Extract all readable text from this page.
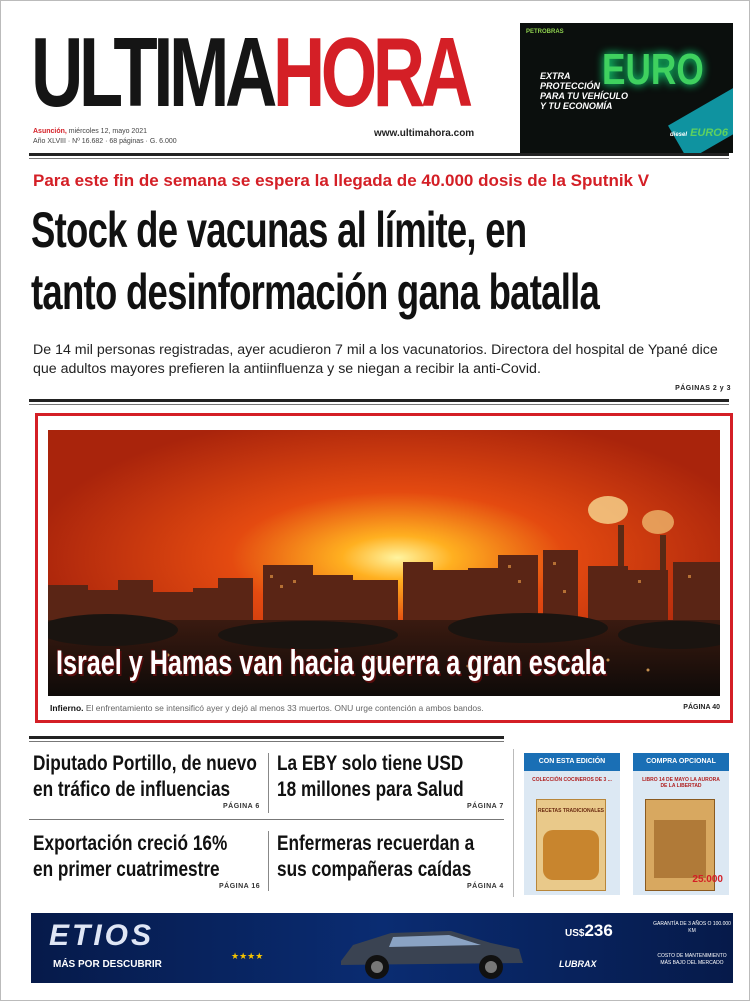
ULTIMAHORA
Asunción, miércoles 12, mayo 2021
Año XLVIII · Nº 16.682 · 68 páginas · G. 6.000
www.ultimahora.com
PETROBRAS
EURO
EXTRA
PROTECCIÓN
PARA TU VEHÍCULO
Y TU ECONOMÍA
diesel EURO6
Para este fin de semana se espera la llegada de 40.000 dosis de la Sputnik V
Stock de vacunas al límite, en
tanto desinformación gana batalla
De 14 mil personas registradas, ayer acudieron 7 mil a los vacunatorios. Directora del hospital de Ypané dice que adultos mayores prefieren la antiinfluenza y se niegan a recibir la anti-Covid.
PÁGINAS 2 y 3
Israel y Hamas van hacia guerra a gran escala
Infierno. El enfrentamiento se intensificó ayer y dejó al menos 33 muertos. ONU urge contención a ambos bandos.	PÁGINA 40
Diputado Portillo, de nuevo
en tráfico de influencias
PÁGINA 6
La EBY solo tiene USD
18 millones para Salud
PÁGINA 7
Exportación creció 16%
en primer cuatrimestre
PÁGINA 16
Enfermeras recuerdan a
sus compañeras caídas
PÁGINA 4
CON ESTA EDICIÓN
COLECCIÓN COCINEROS DE 3 ...
RECETAS TRADICIONALES
COMPRA OPCIONAL
LIBRO 14 DE MAYO LA AURORA DE LA LIBERTAD
25.000
ETIOS
MÁS POR DESCUBRIR
★★★★
US$236
LUBRAX
GARANTÍA DE 3 AÑOS O 100.000 KM
COSTO DE MANTENIMIENTO MÁS BAJO DEL MERCADO
